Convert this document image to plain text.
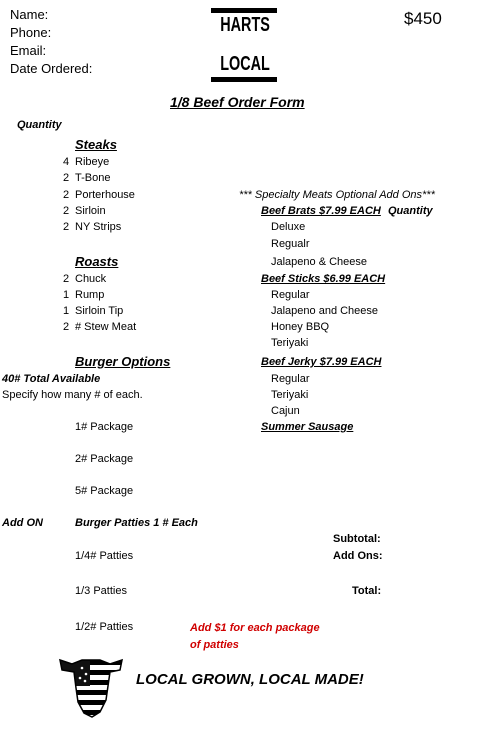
Name:
Phone:
Email:
Date Ordered:
HARTS
LOCAL
$450
1/8 Beef Order Form
Quantity
Steaks
4 Ribeye
2 T-Bone
2 Porterhouse
2 Sirloin
2 NY Strips
Roasts
2 Chuck
1 Rump
1 Sirloin Tip
2 # Stew Meat
Burger Options
40# Total Available
Specify how many # of each.
1# Package
2# Package
5# Package
Add ON	Burger Patties 1 # Each
1/4# Patties
1/3 Patties
1/2# Patties	Add $1 for each package
of patties
*** Specialty Meats Optional Add Ons***
Beef Brats $7.99 EACH Quantity
Deluxe
Regualr
Jalapeno & Cheese
Beef Sticks $6.99 EACH
Regular
Jalapeno and Cheese
Honey BBQ
Teriyaki
Beef Jerky $7.99 EACH
Regular
Teriyaki
Cajun
Summer Sausage
Subtotal:
Add Ons:
Total:
LOCAL GROWN, LOCAL MADE!
